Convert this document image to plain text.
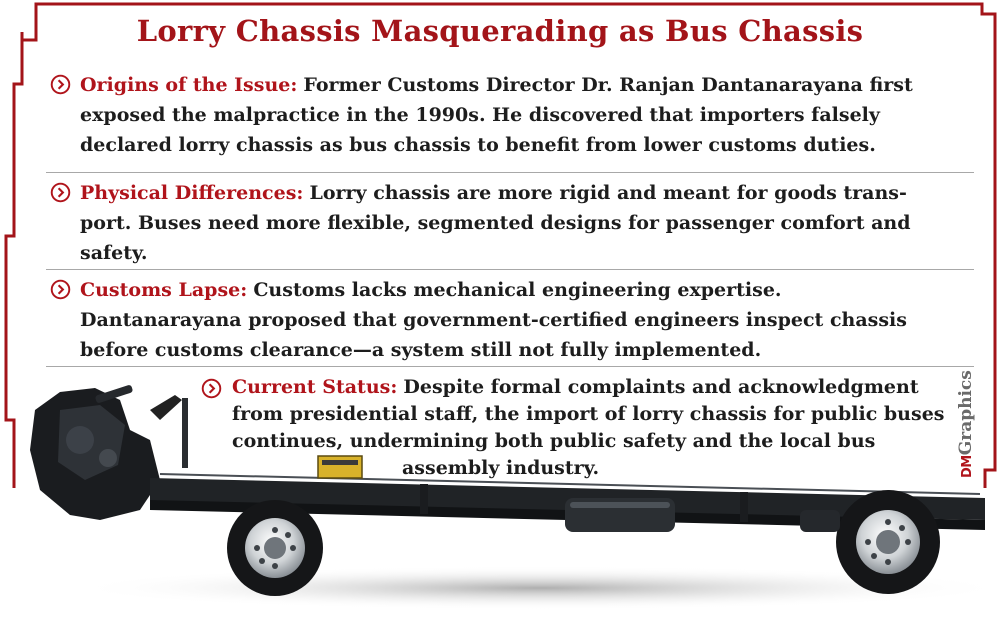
Lorry Chassis Masquerading as Bus Chassis
Origins of the Issue: Former Customs Director Dr. Ranjan Dantanarayana first
exposed the malpractice in the 1990s. He discovered that importers falsely
declared lorry chassis as bus chassis to benefit from lower customs duties.
Physical Differences: Lorry chassis are more rigid and meant for goods trans-
port. Buses need more flexible, segmented designs for passenger comfort and
safety.
Customs Lapse: Customs lacks mechanical engineering expertise.
Dantanarayana proposed that government-certified engineers inspect chassis
before customs clearance—a system still not fully implemented.
Current Status: Despite formal complaints and acknowledgment
from presidential staff, the import of lorry chassis for public buses
continues, undermining both public safety and the local bus
assembly industry.	DMGraphics
